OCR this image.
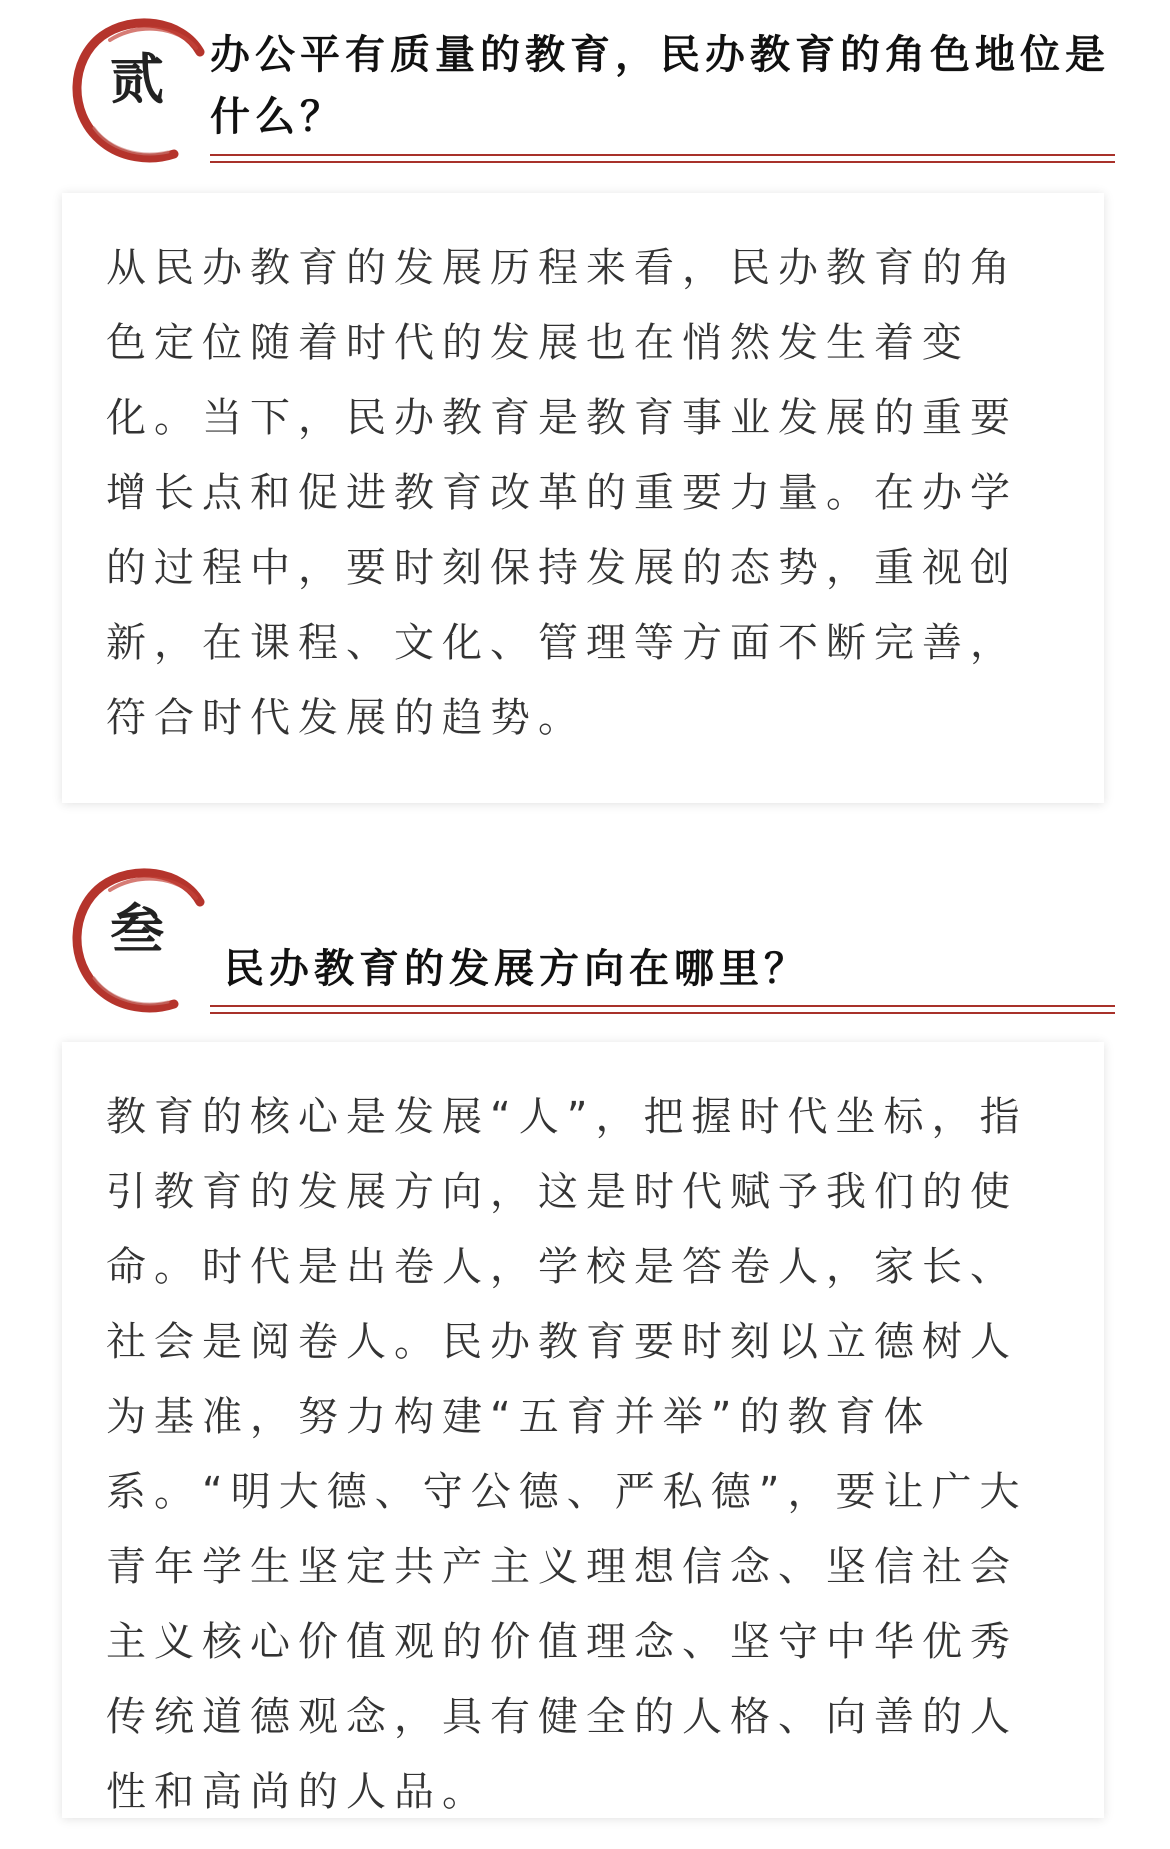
贰 办公平有质量的教育，民办教育的角色地位是什么？

从民办教育的发展历程来看，民办教育的角色定位随着时代的发展也在悄然发生着变化。当下，民办教育是教育事业发展的重要增长点和促进教育改革的重要力量。在办学的过程中，要时刻保持发展的态势，重视创新，在课程、文化、管理等方面不断完善，符合时代发展的趋势。

叁
民办教育的发展方向在哪里？

教育的核心是发展“人”，把握时代坐标，指引教育的发展方向，这是时代赋予我们的使命。时代是出卷人，学校是答卷人，家长、社会是阅卷人。民办教育要时刻以立德树人为基准，努力构建“五育并举”的教育体系。“明大德、守公德、严私德”，要让广大青年学生坚定共产主义理想信念、坚信社会主义核心价值观的价值理念、坚守中华优秀传统道德观念，具有健全的人格、向善的人性和高尚的人品。
